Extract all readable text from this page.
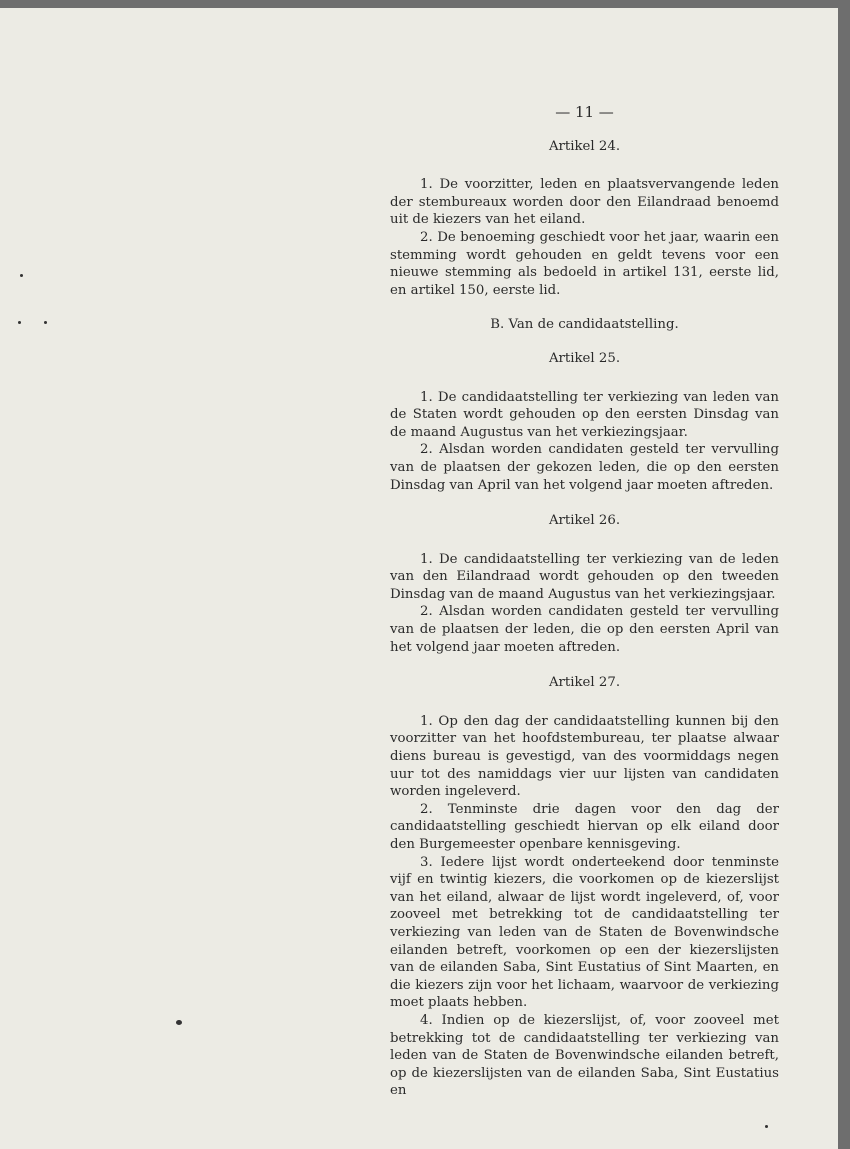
— 11 —
Artikel 24.

1. De voorzitter, leden en plaatsvervangende leden der stembureaux worden door den Eilandraad benoemd uit de kiezers van het eiland.

2. De benoeming geschiedt voor het jaar, waarin een stemming wordt gehouden en geldt tevens voor een nieuwe stemming als bedoeld in artikel 131, eerste lid, en artikel 150, eerste lid.

B. Van de candidaatstelling.
Artikel 25.

1. De candidaatstelling ter verkiezing van leden van de Staten wordt gehouden op den eersten Dinsdag van de maand Augustus van het verkiezingsjaar.

2. Alsdan worden candidaten gesteld ter vervulling van de plaatsen der gekozen leden, die op den eersten Dinsdag van April van het volgend jaar moeten aftreden.

Artikel 26.

1. De candidaatstelling ter verkiezing van de leden van den Eilandraad wordt gehouden op den tweeden Dinsdag van de maand Augustus van het verkiezingsjaar.

2. Alsdan worden candidaten gesteld ter vervulling van de plaatsen der leden, die op den eersten April van het volgend jaar moeten aftreden.

Artikel 27.

1. Op den dag der candidaatstelling kunnen bij den voorzitter van het hoofdstembureau, ter plaatse alwaar diens bureau is gevestigd, van des voormiddags negen uur tot des namiddags vier uur lijsten van candidaten worden ingeleverd.

2. Tenminste drie dagen voor den dag der candidaatstelling geschiedt hiervan op elk eiland door den Burgemeester openbare kennisgeving.

3. Iedere lijst wordt onderteekend door tenminste vijf en twintig kiezers, die voorkomen op de kiezerslijst van het eiland, alwaar de lijst wordt ingeleverd, of, voor zooveel met betrekking tot de candidaatstelling ter verkiezing van leden van de Staten de Bovenwindsche eilanden betreft, voorkomen op een der kiezerslijsten van de eilanden Saba, Sint Eustatius of Sint Maarten, en die kiezers zijn voor het lichaam, waarvoor de verkiezing moet plaats hebben.

4. Indien op de kiezerslijst, of, voor zooveel met betrekking tot de candidaatstelling ter verkiezing van leden van de Staten de Bovenwindsche eilanden betreft, op de kiezerslijsten van de eilanden Saba, Sint Eustatius en
